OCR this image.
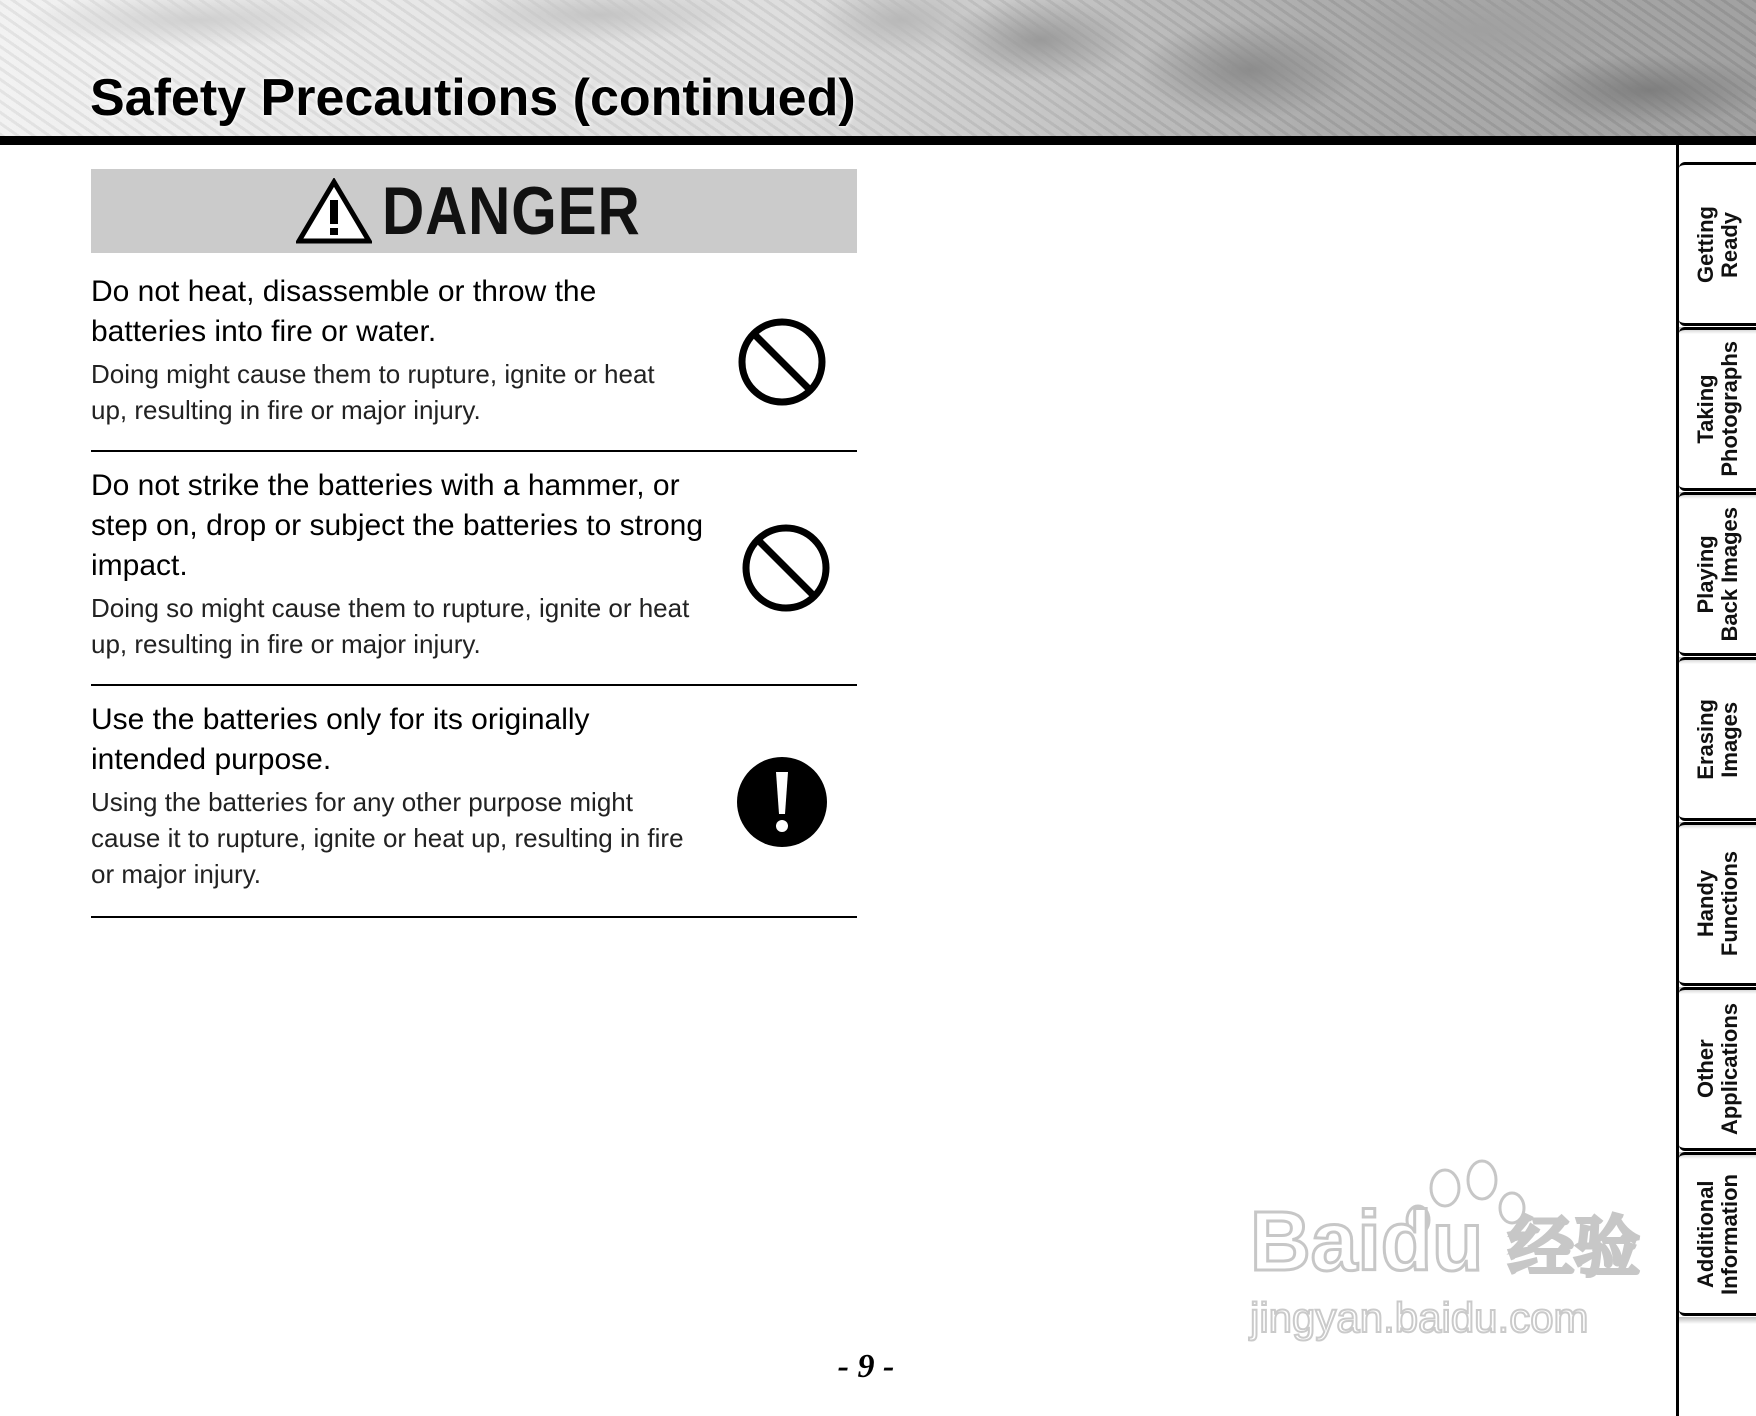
Safety Precautions (continued)
DANGER

Do not heat, disassemble or throw the batteries into fire or water.

Doing might cause them to rupture, ignite or heat up, resulting in fire or major injury.

Do not strike the batteries with a hammer, or step on, drop or subject the batteries to strong impact.

Doing so might cause them to rupture, ignite or heat up, resulting in fire or major injury.

Use the batteries only for its originally intended purpose.

Using the batteries for any other purpose might cause it to rupture, ignite or heat up, resulting in fire or major injury.

Getting
Ready
Taking
Photographs
Playing
Back Images
Erasing
Images
Handy
Functions
Other
Applications
Additional
Information
Baidu 经验
jingyan.baidu.com
- 9 -
